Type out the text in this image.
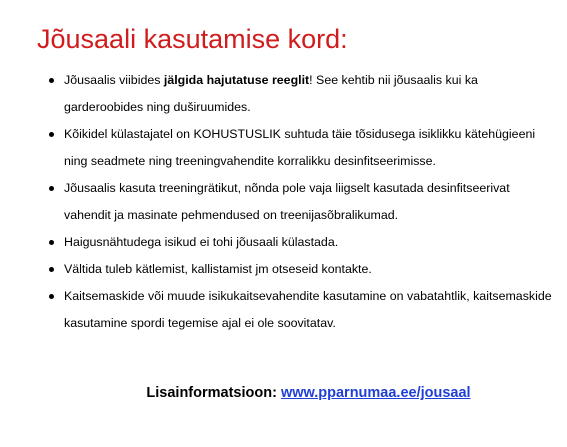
Jõusaali kasutamise kord:
Jõusaalis viibides jälgida hajutatuse reeglit! See kehtib nii jõusaalis kui ka garderoobides ning duširuumides.
Kõikidel külastajatel on KOHUSTUSLIK suhtuda täie tõsidusega isiklikku kätehügieeni ning seadmete ning treeningvahendite korralikku desinfitseerimisse.
Jõusaalis kasuta treeningrätikut, nõnda pole vaja liigselt kasutada desinfitseerivat vahendit ja masinate pehmendused on treenijasõbralikumad.
Haigusnähtudega isikud ei tohi jõusaali külastada.
Vältida tuleb kätlemist, kallistamist jm otseseid kontakte.
Kaitsemaskide või muude isikukaitsevahendite kasutamine on vabatahtlik, kaitsemaskide kasutamine spordi tegemise ajal ei ole soovitatav.
Lisainformatsioon: www.pparnumaa.ee/jousaal
